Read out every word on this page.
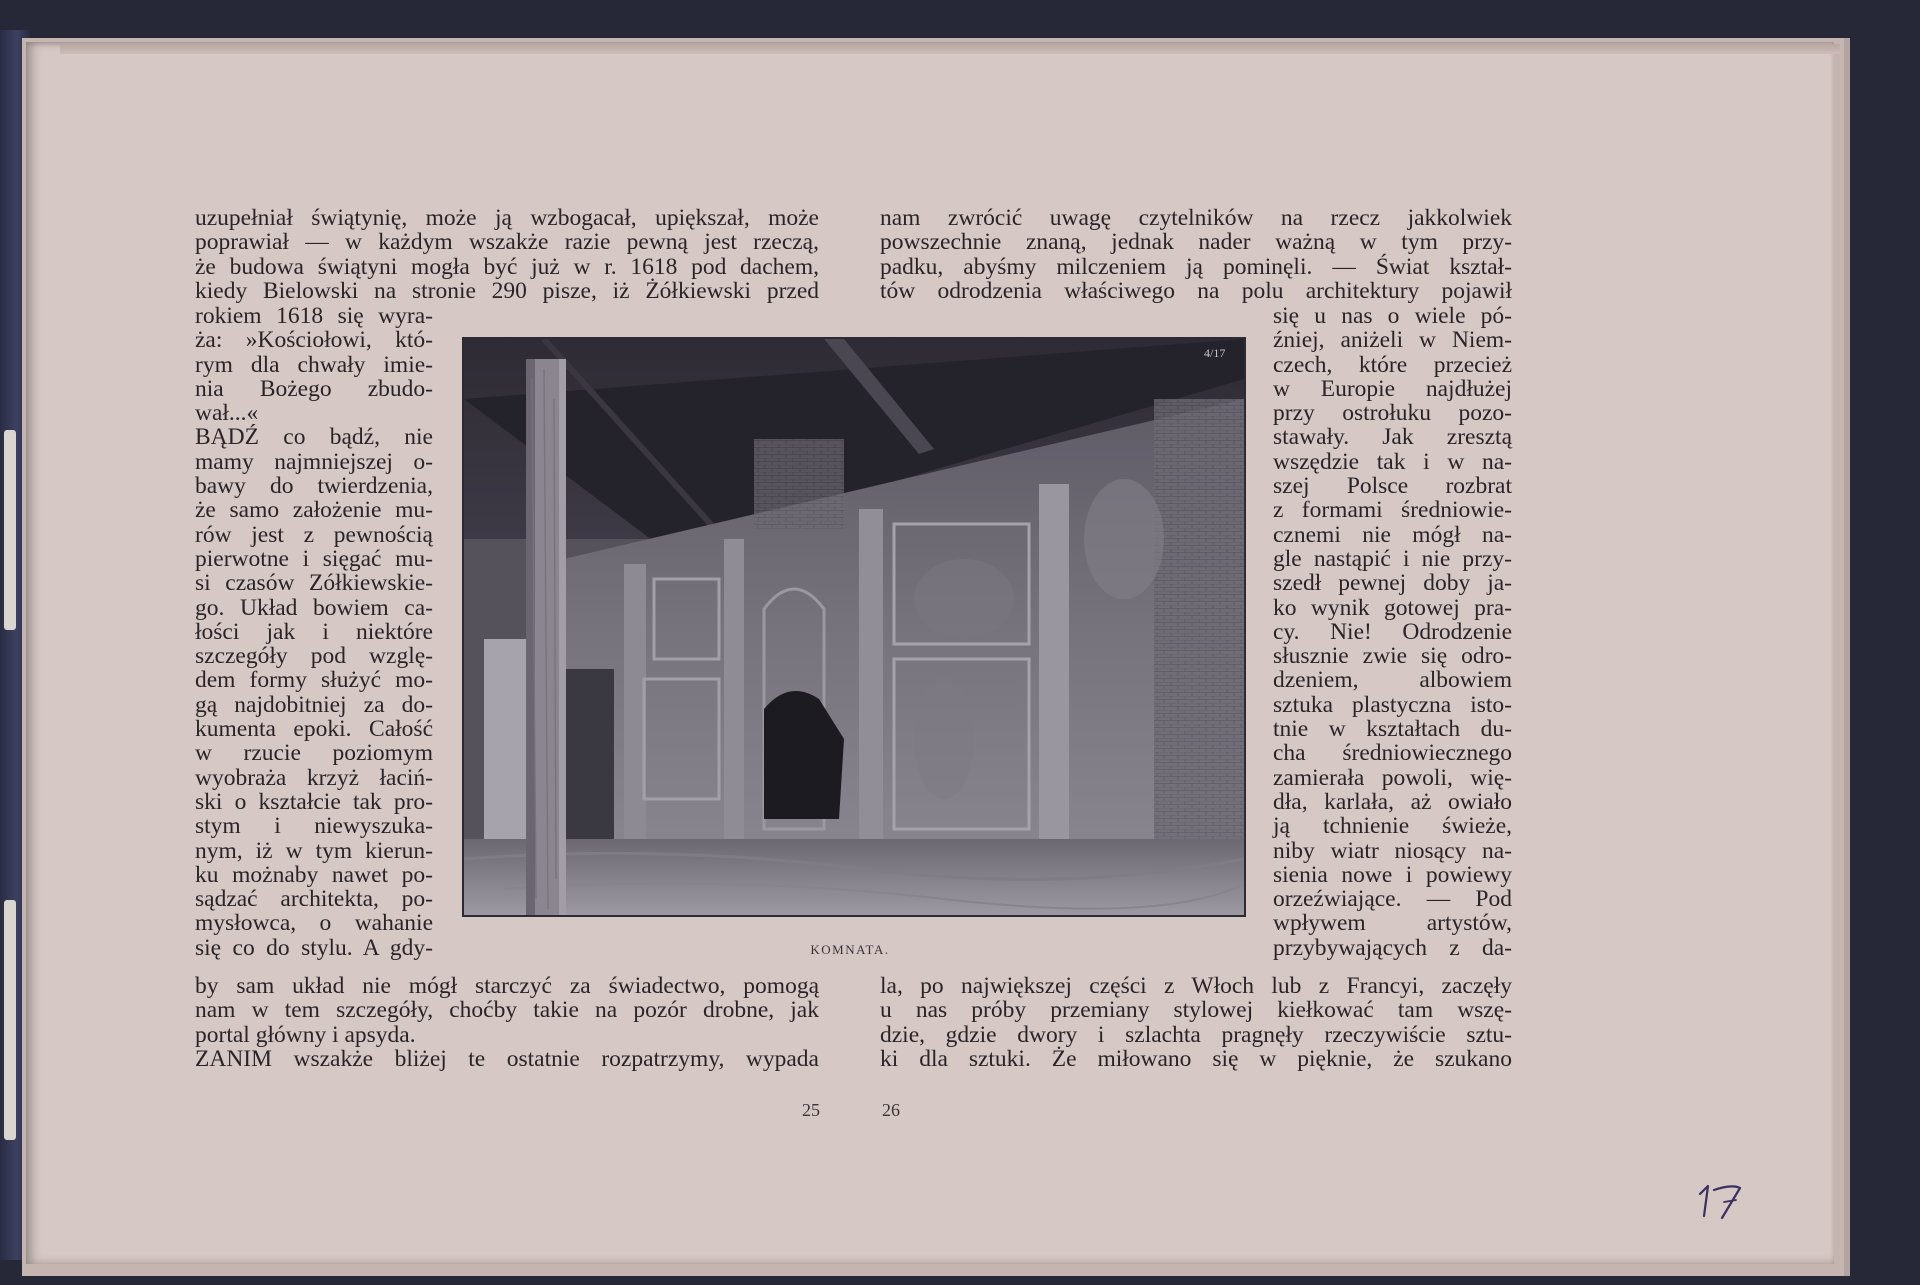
uzupełniał świątynię, może ją wzbogacał, upiększał, może
poprawiał — w każdym wszakże razie pewną jest rzeczą,
że budowa świątyni mogła być już w r. 1618 pod dachem,
kiedy Bielowski na stronie 290 pisze, iż Żółkiewski przed
rokiem 1618 się wyra-
ża: »Kościołowi, któ-
rym dla chwały imie-
nia Bożego zbudo-
wał...«
BĄDŹ co bądź, nie
mamy najmniejszej o-
bawy do twierdzenia,
że samo założenie mu-
rów jest z pewnością
pierwotne i sięgać mu-
si czasów Zółkiewskie-
go. Układ bowiem ca-
łości jak i niektóre
szczegóły pod wzglę-
dem formy służyć mo-
gą najdobitniej za do-
kumenta epoki. Całość
w rzucie poziomym
wyobraża krzyż łaciń-
ski o kształcie tak pro-
stym i niewyszuka-
nym, iż w tym kierun-
ku możnaby nawet po-
sądzać architekta, po-
mysłowca, o wahanie
się co do stylu. A gdy-
by sam układ nie mógł starczyć za świadectwo, pomogą
nam w tem szczegóły, choćby takie na pozór drobne, jak
portal główny i apsyda.
ZANIM wszakże bliżej te ostatnie rozpatrzymy, wypada
nam zwrócić uwagę czytelników na rzecz jakkolwiek
powszechnie znaną, jednak nader ważną w tym przy-
padku, abyśmy milczeniem ją pominęli. — Świat kształ-
tów odrodzenia właściwego na polu architektury pojawił
się u nas o wiele pó-
źniej, aniżeli w Niem-
czech, które przecież
w Europie najdłużej
przy ostrołuku pozo-
stawały. Jak zresztą
wszędzie tak i w na-
szej Polsce rozbrat
z formami średniowie-
cznemi nie mógł na-
gle nastąpić i nie przy-
szedł pewnej doby ja-
ko wynik gotowej pra-
cy. Nie! Odrodzenie
słusznie zwie się odro-
dzeniem, albowiem
sztuka plastyczna isto-
tnie w kształtach du-
cha średniowiecznego
zamierała powoli, wię-
dła, karlała, aż owiało
ją tchnienie świeże,
niby wiatr niosący na-
sienia nowe i powiewy
orzeźwiające. — Pod
wpływem artystów,
przybywających z da-
la, po największej części z Włoch lub z Francyi, zaczęły
u nas próby przemiany stylowej kiełkować tam wszę-
dzie, gdzie dwory i szlachta pragnęły rzeczywiście sztu-
ki dla sztuki. Że miłowano się w pięknie, że szukano
4/17
KOMNATA.
25	26
